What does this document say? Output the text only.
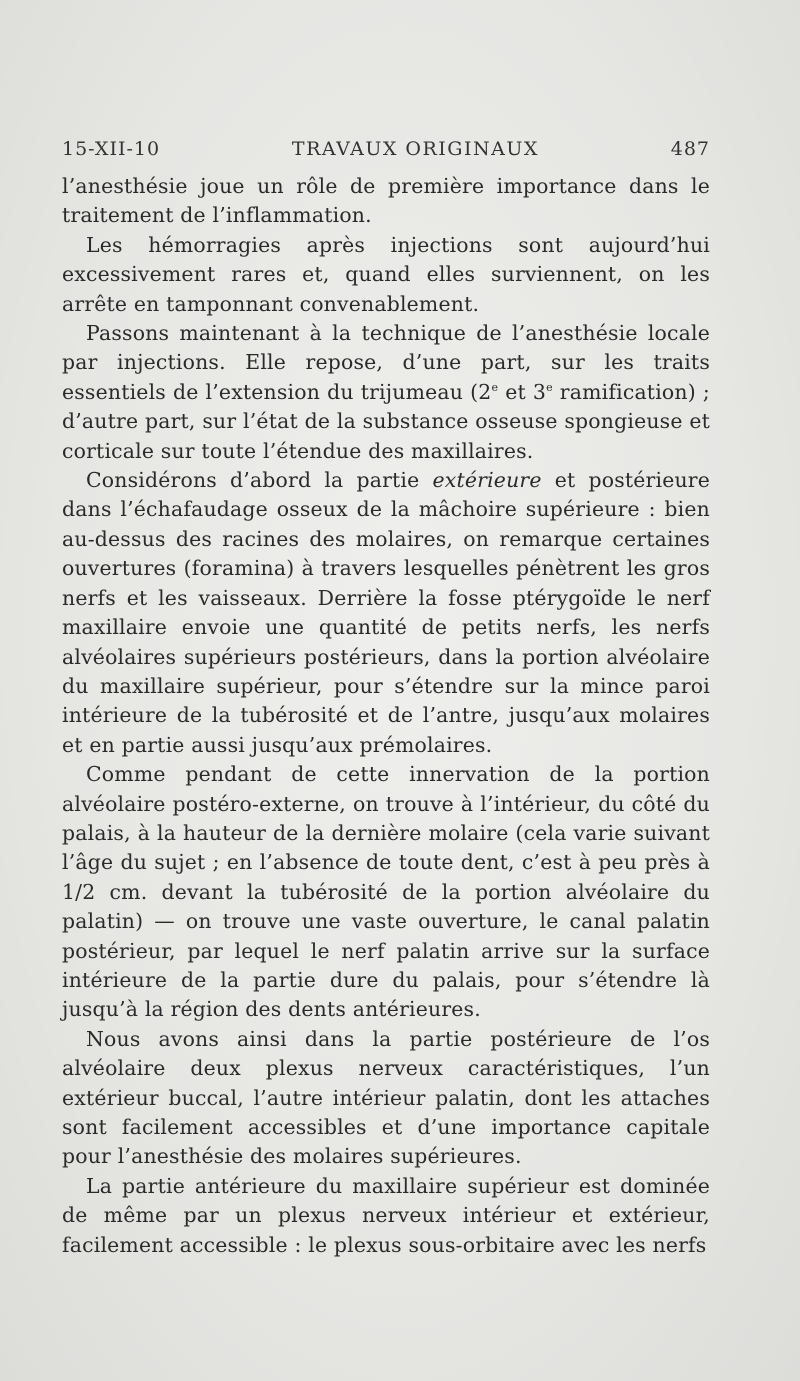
15-XII-10	TRAVAUX ORIGINAUX	487

l’anesthésie joue un rôle de première importance dans le traitement de l’inflammation.

Les hémorragies après injections sont aujourd’hui excessivement rares et, quand elles surviennent, on les arrête en tamponnant convenablement.

Passons maintenant à la technique de l’anesthésie locale par injections. Elle repose, d’une part, sur les traits essentiels de l’extension du trijumeau (2e et 3e ramification) ; d’autre part, sur l’état de la substance osseuse spongieuse et corticale sur toute l’étendue des maxillaires.

Considérons d’abord la partie extérieure et postérieure dans l’échafaudage osseux de la mâchoire supérieure : bien au-dessus des racines des molaires, on remarque certaines ouvertures (foramina) à travers lesquelles pénètrent les gros nerfs et les vaisseaux. Derrière la fosse ptérygoïde le nerf maxillaire envoie une quantité de petits nerfs, les nerfs alvéolaires supérieurs postérieurs, dans la portion alvéolaire du maxillaire supérieur, pour s’étendre sur la mince paroi intérieure de la tubérosité et de l’antre, jusqu’aux molaires et en partie aussi jusqu’aux prémolaires.

Comme pendant de cette innervation de la portion alvéolaire postéro-externe, on trouve à l’intérieur, du côté du palais, à la hauteur de la dernière molaire (cela varie suivant l’âge du sujet ; en l’absence de toute dent, c’est à peu près à 1/2 cm. devant la tubérosité de la portion alvéolaire du palatin) — on trouve une vaste ouverture, le canal palatin postérieur, par lequel le nerf palatin arrive sur la surface intérieure de la partie dure du palais, pour s’étendre là jusqu’à la région des dents antérieures.

Nous avons ainsi dans la partie postérieure de l’os alvéolaire deux plexus nerveux caractéristiques, l’un extérieur buccal, l’autre intérieur palatin, dont les attaches sont facilement accessibles et d’une importance capitale pour l’anesthésie des molaires supérieures.

La partie antérieure du maxillaire supérieur est dominée de même par un plexus nerveux intérieur et extérieur, facilement accessible : le plexus sous-orbitaire avec les nerfs
